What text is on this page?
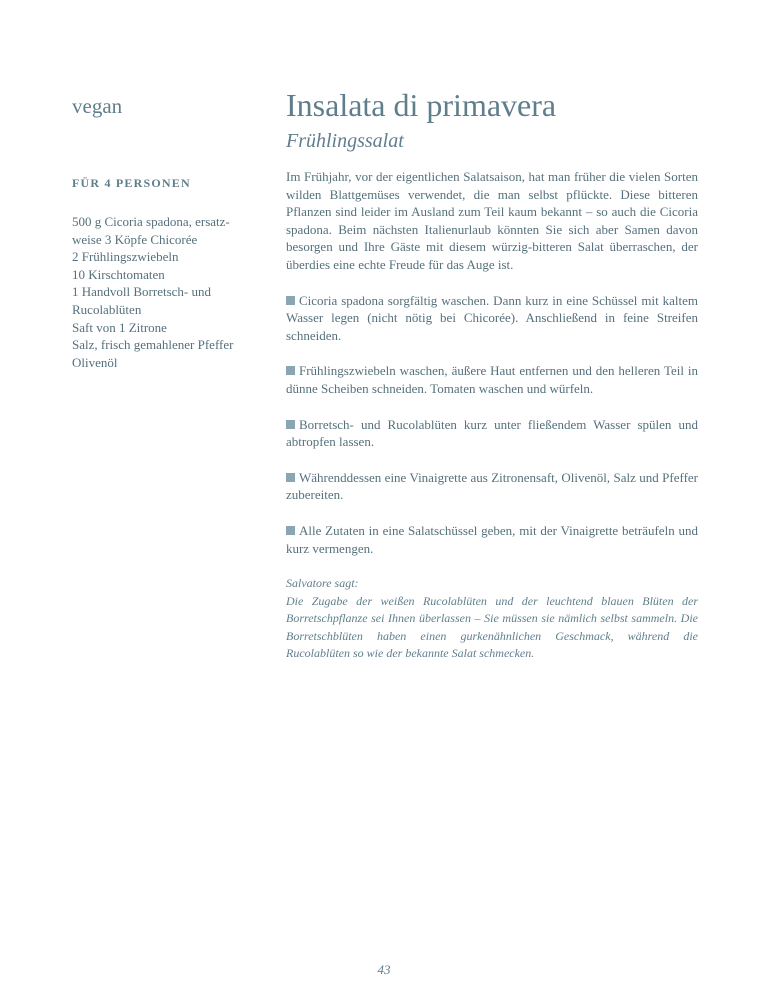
vegan
FÜR 4 PERSONEN
500 g Cicoria spadona, ersatz-
weise 3 Köpfe Chicorée
2 Frühlingszwiebeln
10 Kirschtomaten
1 Handvoll Borretsch- und
Rucolablüten
Saft von 1 Zitrone
Salz, frisch gemahlener Pfeffer
Olivenöl
Insalata di primavera
Frühlingssalat

Im Frühjahr, vor der eigentlichen Salatsaison, hat man früher die vielen Sorten wilden Blattgemüses verwendet, die man selbst pflückte. Diese bitteren Pflanzen sind leider im Ausland zum Teil kaum bekannt – so auch die Cicoria spadona. Beim nächsten Italienurlaub könnten Sie sich aber Samen davon besorgen und Ihre Gäste mit diesem würzig-bitteren Salat überraschen, der überdies eine echte Freude für das Auge ist.

Cicoria spadona sorgfältig waschen. Dann kurz in eine Schüssel mit kaltem Wasser legen (nicht nötig bei Chicorée). Anschließend in feine Streifen schneiden.
Frühlingszwiebeln waschen, äußere Haut entfernen und den helleren Teil in dünne Scheiben schneiden. Tomaten waschen und würfeln.
Borretsch- und Rucolablüten kurz unter fließendem Wasser spülen und abtropfen lassen.
Währenddessen eine Vinaigrette aus Zitronensaft, Olivenöl, Salz und Pfeffer zubereiten.
Alle Zutaten in eine Salatschüssel geben, mit der Vinaigrette beträufeln und kurz vermengen.

Salvatore sagt:

Die Zugabe der weißen Rucolablüten und der leuchtend blauen Blüten der Borretschpflanze sei Ihnen überlassen – Sie müssen sie nämlich selbst sammeln. Die Borretschblüten haben einen gurkenähnlichen Geschmack, während die Rucolablüten so wie der bekannte Salat schmecken.

43
